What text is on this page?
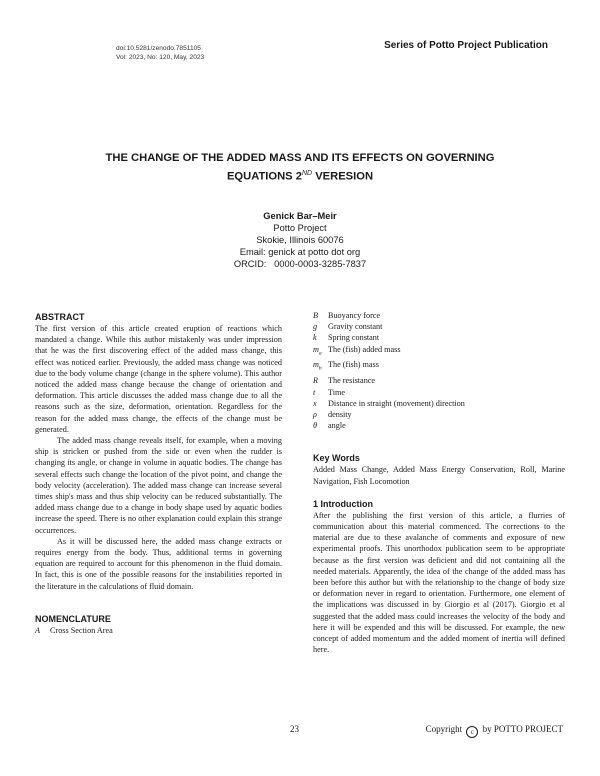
doi:10.5281/zenodo.7851105
Vol: 2023, No: 120, May, 2023
Series of Potto Project Publication
THE CHANGE OF THE ADDED MASS AND ITS EFFECTS ON GOVERNING
EQUATIONS 2ND VERESION
Genick Bar–Meir
Potto Project
Skokie, Illinois 60076
Email: genick at potto dot org
ORCID:   0000-0003-3285-7837
ABSTRACT

The first version of this article created eruption of reactions which mandated a change. While this author mistakenly was under impression that he was the first discovering effect of the added mass change, this effect was noticed earlier. Previously, the added mass change was noticed due to the body volume change (change in the sphere volume). This author noticed the added mass change because the change of orientation and deformation. This article discusses the added mass change due to all the reasons such as the size, deformation, orientation. Regardless for the reason for the added mass change, the effects of the change must be generated.

The added mass change reveals itself, for example, when a moving ship is stricken or pushed from the side or even when the rudder is changing its angle, or change in volume in aquatic bodies. The change has several effects such change the location of the pivot point, and change the body velocity (acceleration). The added mass change can increase several times ship's mass and thus ship velocity can be reduced substantially. The added mass change due to a change in body shape used by aquatic bodies increase the speed. There is no other explanation could explain this strange occurrences.

As it will be discussed here, the added mass change extracts or requires energy from the body. Thus, additional terms in governing equation are required to account for this phenomenon in the fluid domain. In fact, this is one of the possible reasons for the instabilities reported in the literature in the calculations of fluid domain.

NOMENCLATURE
A	Cross Section Area
B	Buoyancy force
g	Gravity constant
k	Spring constant
$m_a$ The (fish) added mass
$m_b$ The (fish) mass
R	The resistance
t	Time
x	Distance in straight (movement) direction
ρ	density
θ	angle
Key Words

Added Mass Change, Added Mass Energy Conservation, Roll, Marine Navigation, Fish Locomotion

1 Introduction

After the publishing the first version of this article, a flurries of communication about this material commenced. The corrections to the material are due to these avalanche of comments and exposure of new experimental proofs. This unorthodox publication seem to be appropriate because as the first version was deficient and did not containing all the needed materials. Apparently, the idea of the change of the added mass has been before this author but with the relationship to the change of body size or deformation never in regard to orientation. Furthermore, one element of the implications was discussed in by Giorgio et al (2017). Giorgio et al suggested that the added mass could increases the velocity of the body and here it will be expended and this will be discussed. For example, the new concept of added momentum and the added moment of inertia will defined here.

23	Copyright c by POTTO PROJECT
